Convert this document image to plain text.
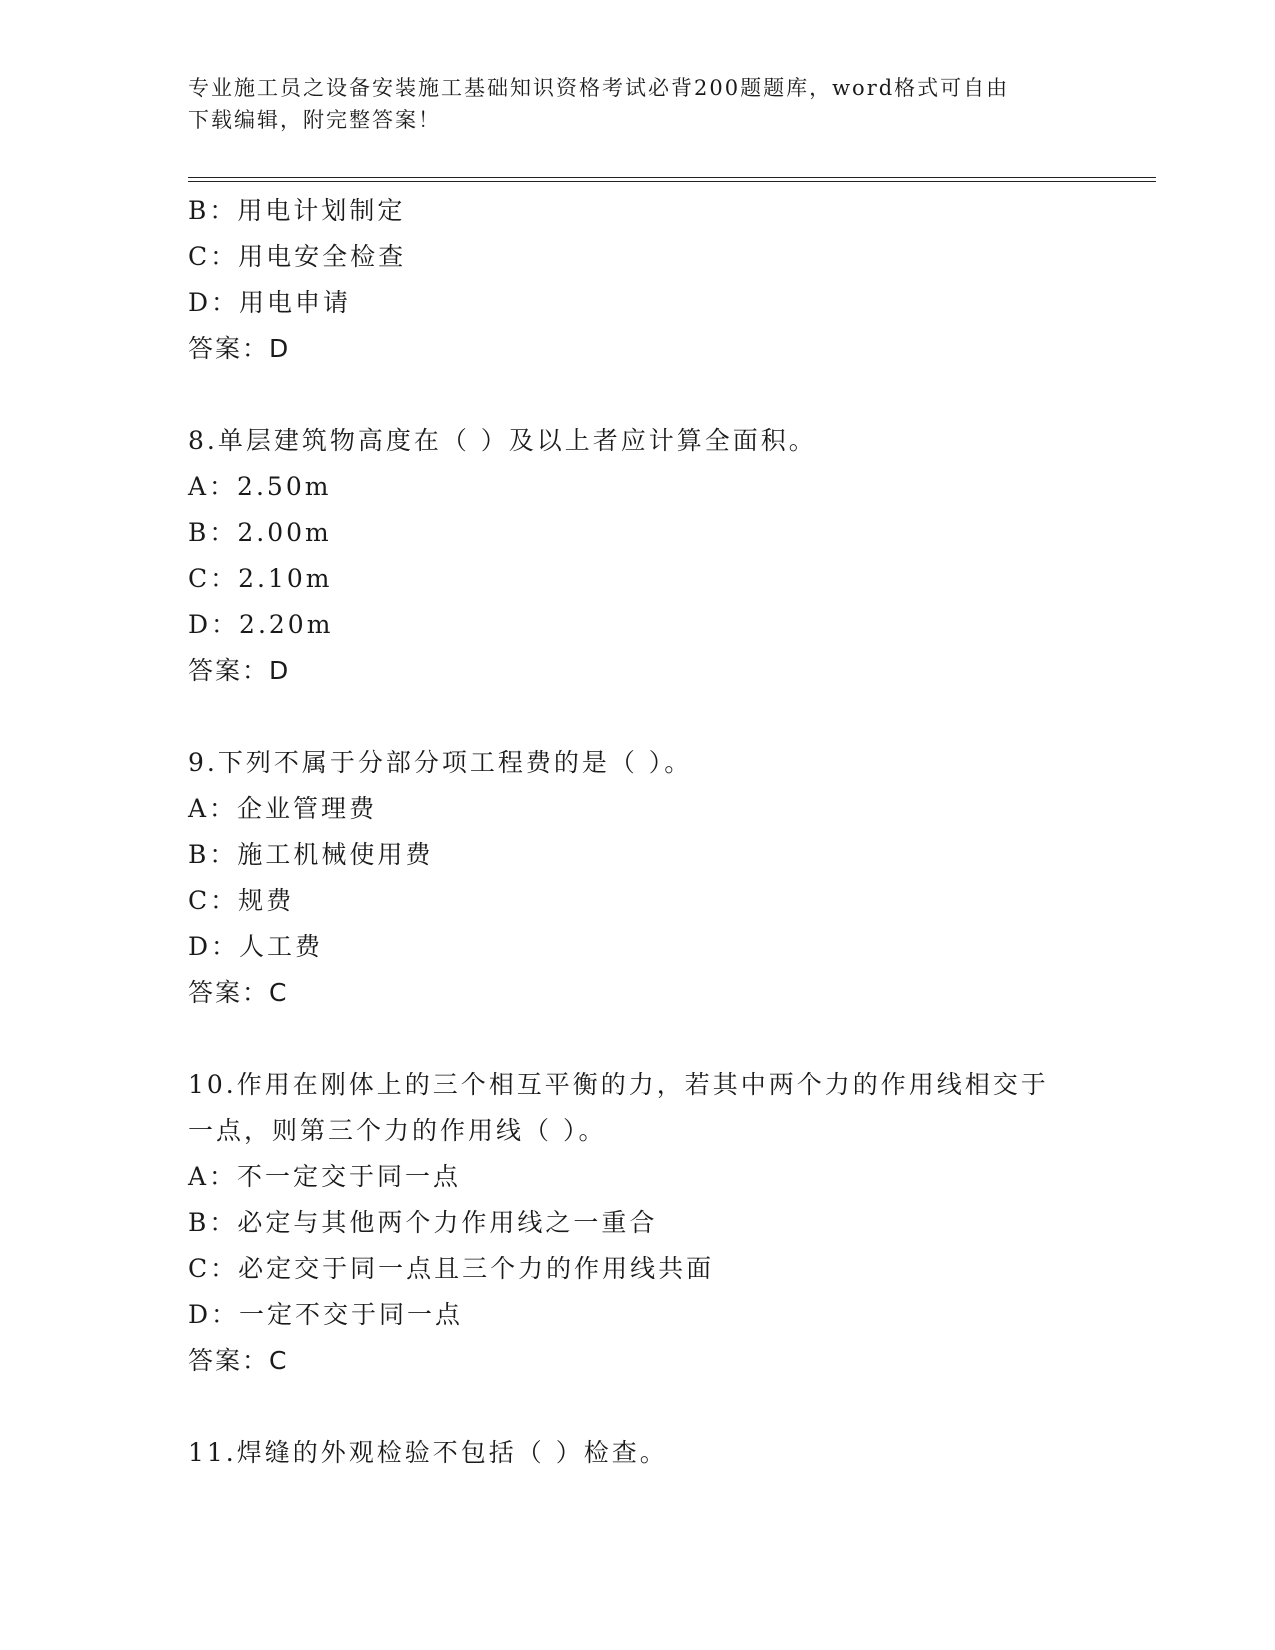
专业施工员之设备安装施工基础知识资格考试必背200题题库，word格式可自由
下载编辑，附完整答案！
B：用电计划制定
C：用电安全检查
D：用电申请
答案：D
8.单层建筑物高度在（ ）及以上者应计算全面积。
A：2.50m
B：2.00m
C：2.10m
D：2.20m
答案：D
9.下列不属于分部分项工程费的是（ ）。
A：企业管理费
B：施工机械使用费
C：规费
D：人工费
答案：C
10.作用在刚体上的三个相互平衡的力，若其中两个力的作用线相交于
一点，则第三个力的作用线（ ）。
A：不一定交于同一点
B：必定与其他两个力作用线之一重合
C：必定交于同一点且三个力的作用线共面
D：一定不交于同一点
答案：C
11.焊缝的外观检验不包括（ ）检查。
